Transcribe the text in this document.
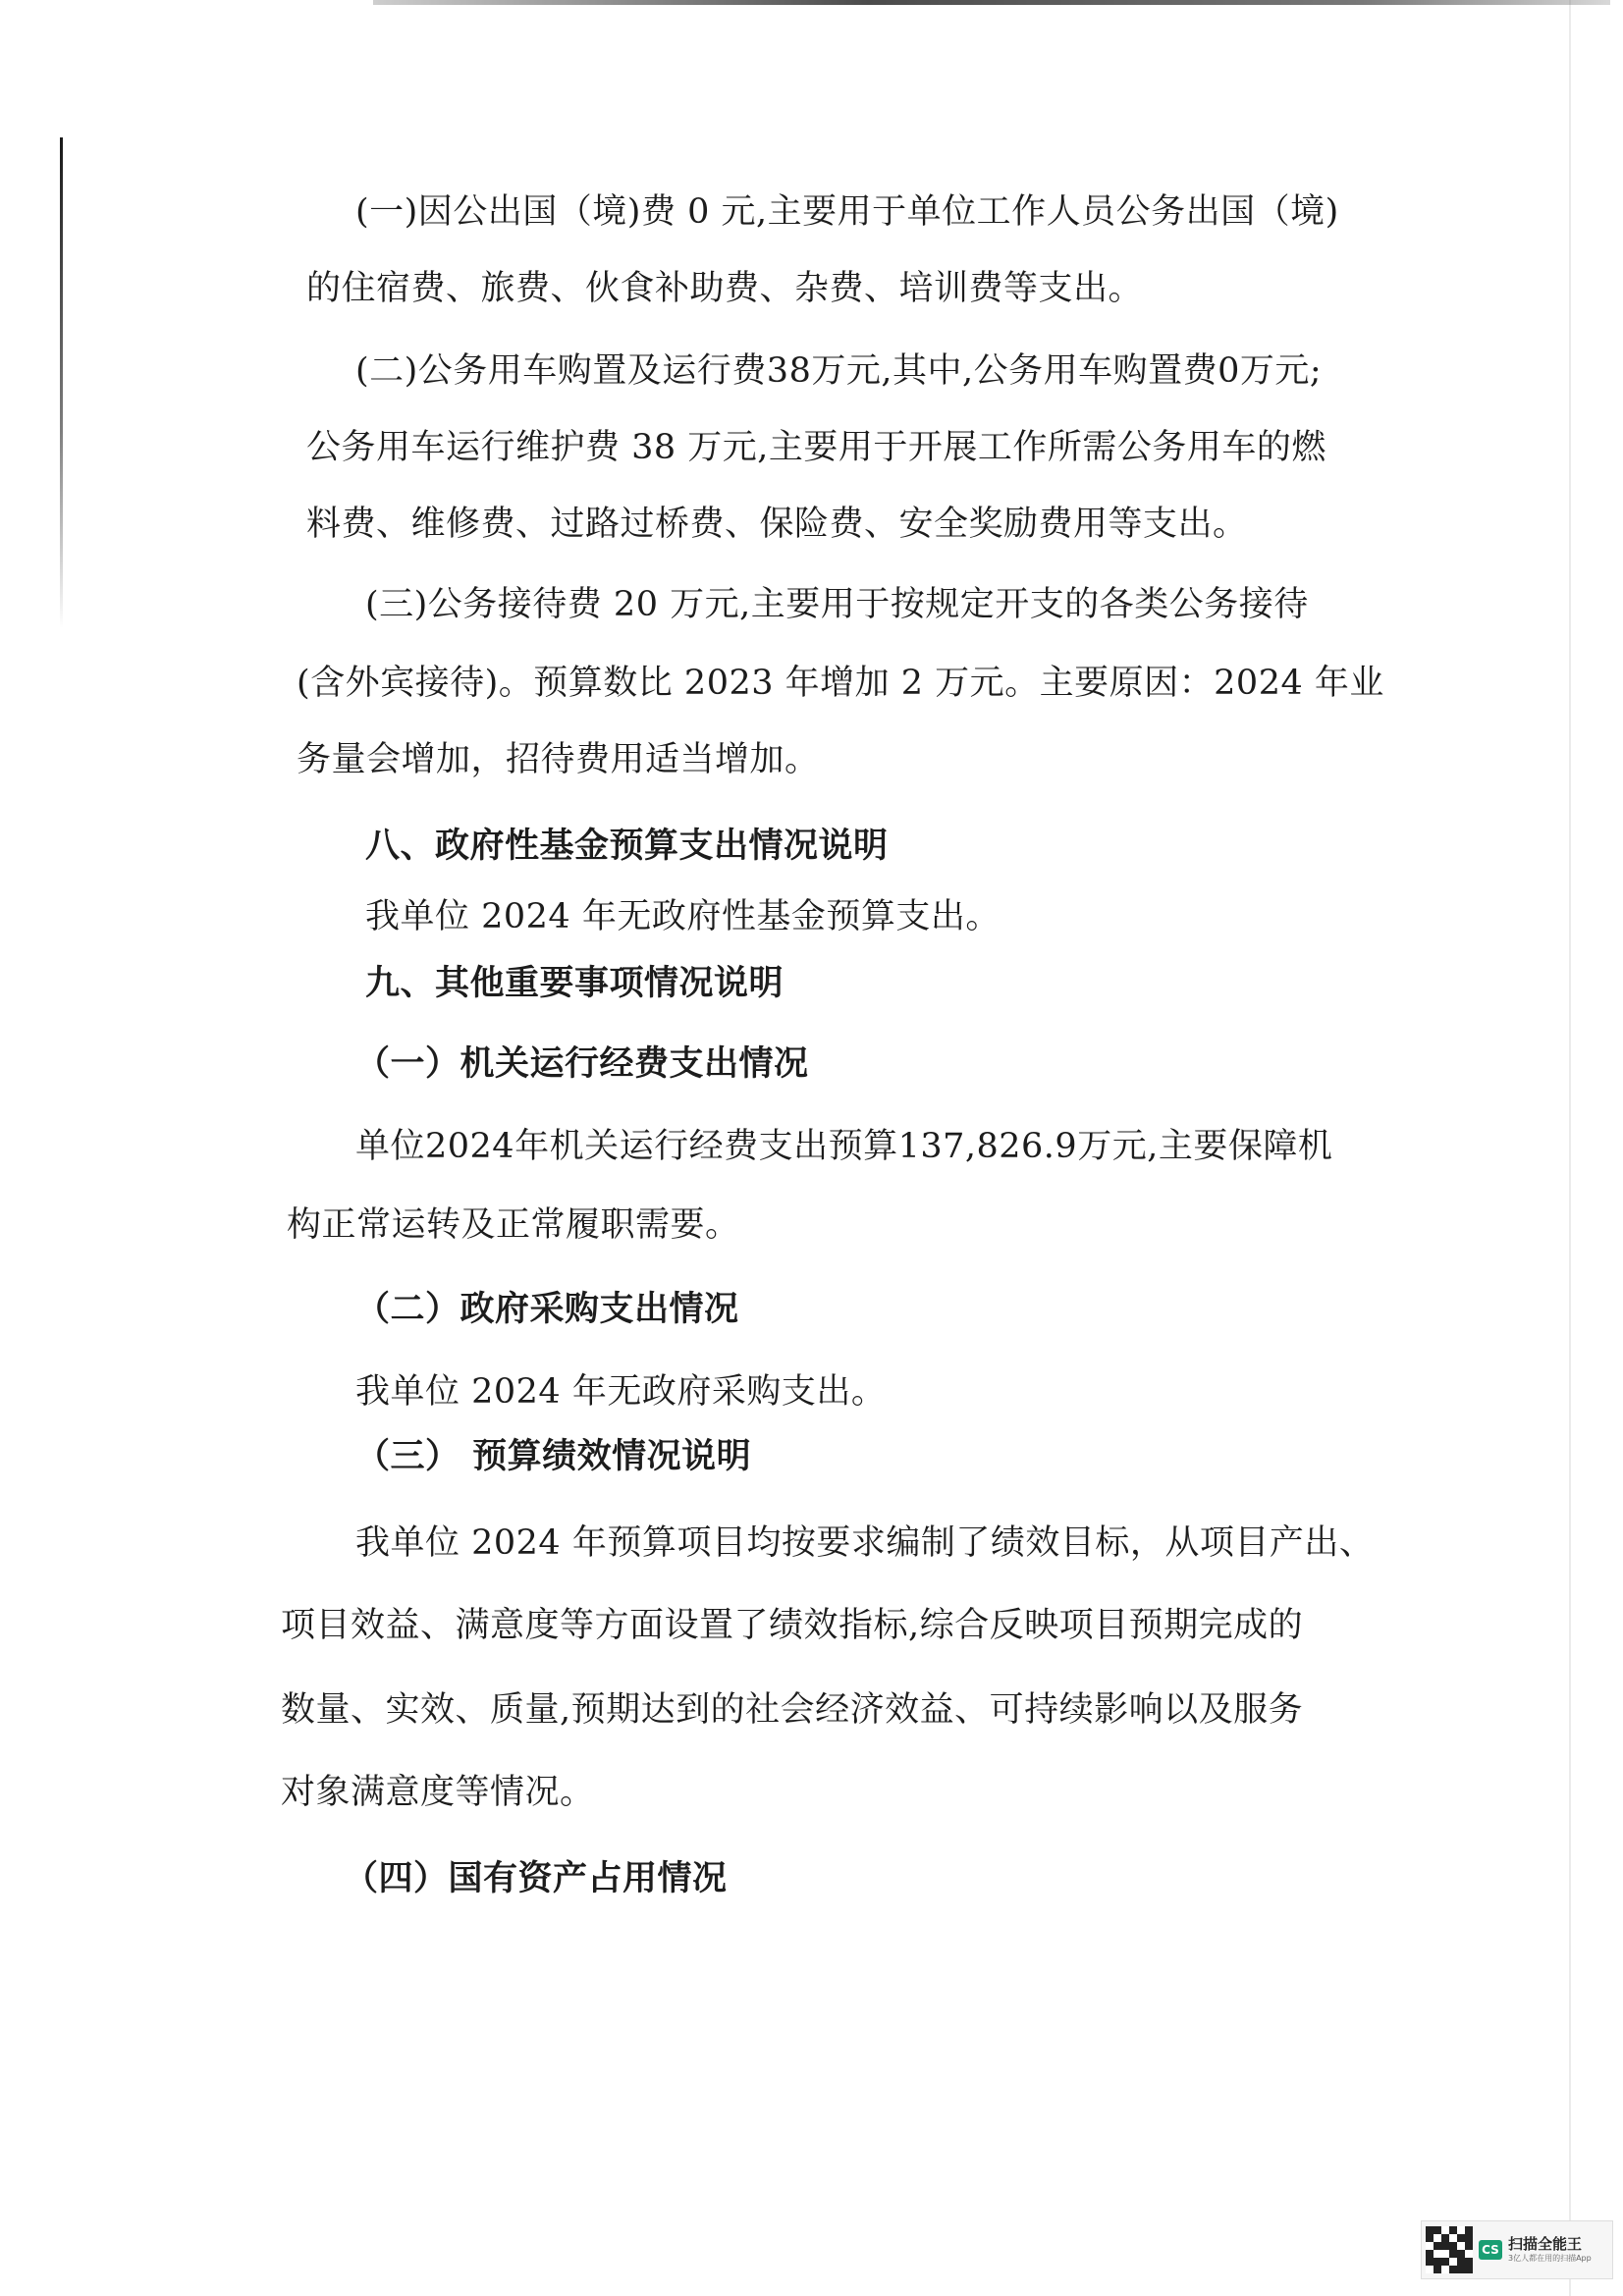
(一)因公出国（境)费 0 元,主要用于单位工作人员公务出国（境)
的住宿费、旅费、伙食补助费、杂费、培训费等支出。
(二)公务用车购置及运行费38万元,其中,公务用车购置费0万元;
公务用车运行维护费 38 万元,主要用于开展工作所需公务用车的燃
料费、维修费、过路过桥费、保险费、安全奖励费用等支出。
(三)公务接待费 20 万元,主要用于按规定开支的各类公务接待
(含外宾接待)。预算数比 2023 年增加 2 万元。主要原因：2024 年业
务量会增加，招待费用适当增加。
八、政府性基金预算支出情况说明
我单位 2024 年无政府性基金预算支出。
九、其他重要事项情况说明
（一）机关运行经费支出情况
单位2024年机关运行经费支出预算137,826.9万元,主要保障机
构正常运转及正常履职需要。
（二）政府采购支出情况
我单位 2024 年无政府采购支出。
（三） 预算绩效情况说明
我单位 2024 年预算项目均按要求编制了绩效目标，从项目产出、
项目效益、满意度等方面设置了绩效指标,综合反映项目预期完成的
数量、实效、质量,预期达到的社会经济效益、可持续影响以及服务
对象满意度等情况。
（四）国有资产占用情况
CS 扫描全能王
3亿人都在用的扫描App
